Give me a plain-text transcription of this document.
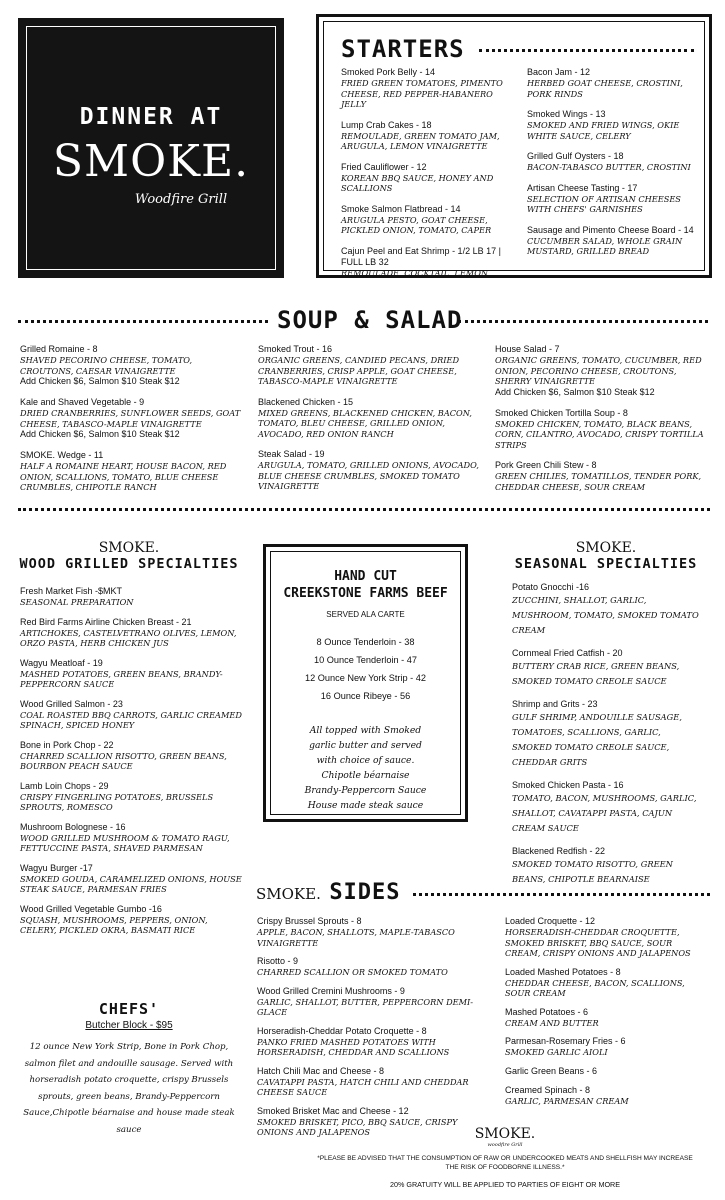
DINNER AT
SMOKE.
Woodfire Grill
STARTERS
Smoked Pork Belly - 14
FRIED GREEN TOMATOES, PIMENTO CHEESE, RED PEPPER-HABANERO JELLY
Lump Crab Cakes - 18
REMOULADE, GREEN TOMATO JAM, ARUGULA, LEMON VINAIGRETTE
Fried Cauliflower - 12
KOREAN BBQ SAUCE, HONEY AND SCALLIONS
Smoke Salmon Flatbread - 14
ARUGULA PESTO, GOAT CHEESE, PICKLED ONION, TOMATO, CAPER
Cajun Peel and Eat Shrimp - 1/2 LB 17 | FULL LB 32
REMOULADE, COCKTAIL, LEMON
Bacon Jam - 12
HERBED GOAT CHEESE, CROSTINI, PORK RINDS
Smoked Wings - 13
SMOKED AND FRIED WINGS, OKIE WHITE SAUCE, CELERY
Grilled Gulf Oysters - 18
BACON-TABASCO BUTTER, CROSTINI
Artisan Cheese Tasting - 17
SELECTION OF ARTISAN CHEESES WITH CHEFS' GARNISHES
Sausage and Pimento Cheese Board - 14
CUCUMBER SALAD, WHOLE GRAIN MUSTARD, GRILLED BREAD
SOUP & SALAD
Grilled Romaine - 8
SHAVED PECORINO CHEESE, TOMATO, CROUTONS, CAESAR VINAIGRETTE
Add Chicken $6, Salmon $10 Steak $12
Kale and Shaved Vegetable - 9
DRIED CRANBERRIES, SUNFLOWER SEEDS, GOAT CHEESE, TABASCO-MAPLE VINAIGRETTE
Add Chicken $6, Salmon $10 Steak $12
SMOKE. Wedge - 11
HALF A ROMAINE HEART, HOUSE BACON, RED ONION, SCALLIONS, TOMATO, BLUE CHEESE CRUMBLES, CHIPOTLE RANCH
Smoked Trout - 16
ORGANIC GREENS, CANDIED PECANS, DRIED CRANBERRIES, CRISP APPLE, GOAT CHEESE, TABASCO-MAPLE VINAIGRETTE
Blackened Chicken - 15
MIXED GREENS, BLACKENED CHICKEN, BACON, TOMATO, BLEU CHEESE, GRILLED ONION, AVOCADO, RED ONION RANCH
Steak Salad - 19
ARUGULA, TOMATO, GRILLED ONIONS, AVOCADO, BLUE CHEESE CRUMBLES, SMOKED TOMATO VINAIGRETTE
House Salad - 7
ORGANIC GREENS, TOMATO, CUCUMBER, RED ONION, PECORINO CHEESE, CROUTONS, SHERRY VINAIGRETTE
Add Chicken $6, Salmon $10 Steak $12
Smoked Chicken Tortilla Soup - 8
SMOKED CHICKEN, TOMATO, BLACK BEANS, CORN, CILANTRO, AVOCADO, CRISPY TORTILLA STRIPS
Pork Green Chili Stew - 8
GREEN CHILIES, TOMATILLOS, TENDER PORK, CHEDDAR CHEESE, SOUR CREAM
SMOKE.
WOOD GRILLED SPECIALTIES
Fresh Market Fish -$MKT
SEASONAL PREPARATION
Red Bird Farms Airline Chicken Breast - 21
ARTICHOKES, CASTELVETRANO OLIVES, LEMON, ORZO PASTA, HERB CHICKEN JUS
Wagyu Meatloaf - 19
MASHED POTATOES, GREEN BEANS, BRANDY-PEPPERCORN SAUCE
Wood Grilled Salmon - 23
COAL ROASTED BBQ CARROTS, GARLIC CREAMED SPINACH, SPICED HONEY
Bone in Pork Chop - 22
CHARRED SCALLION RISOTTO, GREEN BEANS, BOURBON PEACH SAUCE
Lamb Loin Chops - 29
CRISPY FINGERLING POTATOES, BRUSSELS SPROUTS, ROMESCO
Mushroom Bolognese - 16
WOOD GRILLED MUSHROOM & TOMATO RAGU, FETTUCCINE PASTA, SHAVED PARMESAN
Wagyu Burger -17
SMOKED GOUDA, CARAMELIZED ONIONS, HOUSE STEAK SAUCE, PARMESAN FRIES
Wood Grilled Vegetable Gumbo -16
SQUASH, MUSHROOMS, PEPPERS, ONION, CELERY, PICKLED OKRA, BASMATI RICE
HAND CUT
CREEKSTONE FARMS BEEF
SERVED ALA CARTE
8 Ounce Tenderloin - 38
10 Ounce Tenderloin - 47
12 Ounce New York Strip - 42
16 Ounce Ribeye - 56
All topped with Smoked
garlic butter and served
with choice of sauce.
Chipotle béarnaise
Brandy-Peppercorn Sauce
House made steak sauce
SMOKE.
SEASONAL SPECIALTIES
Potato Gnocchi -16
ZUCCHINI, SHALLOT, GARLIC, MUSHROOM, TOMATO, SMOKED TOMATO CREAM
Cornmeal Fried Catfish - 20
BUTTERY CRAB RICE, GREEN BEANS, SMOKED TOMATO CREOLE SAUCE
Shrimp and Grits - 23
GULF SHRIMP, ANDOUILLE SAUSAGE, TOMATOES, SCALLIONS, GARLIC, SMOKED TOMATO CREOLE SAUCE, CHEDDAR GRITS
Smoked Chicken Pasta - 16
TOMATO, BACON, MUSHROOMS, GARLIC, SHALLOT, CAVATAPPI PASTA, CAJUN CREAM SAUCE
Blackened Redfish - 22
SMOKED TOMATO RISOTTO, GREEN BEANS, CHIPOTLE BEARNAISE
SMOKE. SIDES
Crispy Brussel Sprouts - 8
APPLE, BACON, SHALLOTS, MAPLE-TABASCO VINAIGRETTE
Risotto - 9
CHARRED SCALLION OR SMOKED TOMATO
Wood Grilled Cremini Mushrooms - 9
GARLIC, SHALLOT, BUTTER, PEPPERCORN DEMI-GLACE
Horseradish-Cheddar Potato Croquette - 8
PANKO FRIED MASHED POTATOES WITH HORSERADISH, CHEDDAR AND SCALLIONS
Hatch Chili Mac and Cheese - 8
CAVATAPPI PASTA, HATCH CHILI AND CHEDDAR CHEESE SAUCE
Smoked Brisket Mac and Cheese - 12
SMOKED BRISKET, PICO, BBQ SAUCE, CRISPY ONIONS AND JALAPENOS
Loaded Croquette - 12
HORSERADISH-CHEDDAR CROQUETTE, SMOKED BRISKET, BBQ SAUCE, SOUR CREAM, CRISPY ONIONS AND JALAPENOS
Loaded Mashed Potatoes - 8
CHEDDAR CHEESE, BACON, SCALLIONS, SOUR CREAM
Mashed Potatoes - 6
CREAM AND BUTTER
Parmesan-Rosemary Fries - 6
SMOKED GARLIC AIOLI
Garlic Green Beans - 6
Creamed Spinach - 8
GARLIC, PARMESAN CREAM
CHEFS'
Butcher Block - $95
12 ounce New York Strip, Bone in Pork Chop, salmon filet and andouille sausage. Served with horseradish potato croquette, crispy Brussels sprouts, green beans, Brandy-Peppercorn Sauce,Chipotle béarnaise and house made steak sauce	SMOKE.
woodfire Grill
*PLEASE BE ADVISED THAT THE CONSUMPTION OF RAW OR UNDERCOOKED MEATS AND SHELLFISH MAY INCREASE THE RISK OF FOODBORNE ILLNESS.*
20% GRATUITY WILL BE APPLIED TO PARTIES OF EIGHT OR MORE
